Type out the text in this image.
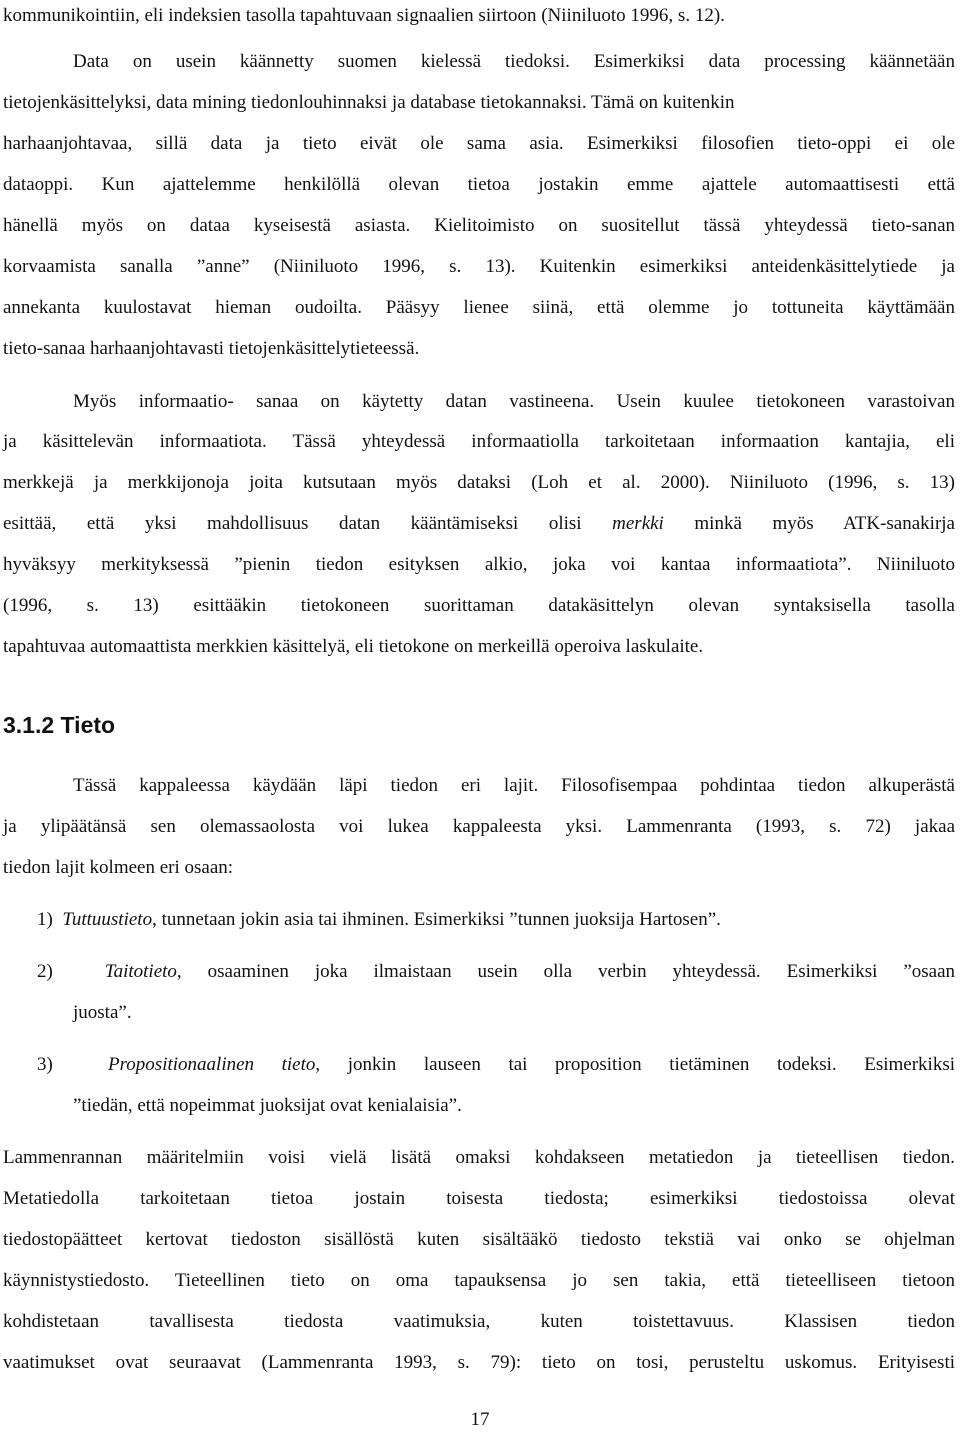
kommunikointiin, eli indeksien tasolla tapahtuvaan signaalien siirtoon (Niiniluoto 1996, s. 12).
Data on usein käännetty suomen kielessä tiedoksi. Esimerkiksi data processing käännetään
tietojenkäsittelyksi, data mining tiedonlouhinnaksi ja database tietokannaksi. Tämä on kuitenkin
harhaanjohtavaa, sillä data ja tieto eivät ole sama asia. Esimerkiksi filosofien tieto-oppi ei ole
dataoppi. Kun ajattelemme henkilöllä olevan tietoa jostakin emme ajattele automaattisesti että
hänellä myös on dataa kyseisestä asiasta. Kielitoimisto on suositellut tässä yhteydessä tieto-sanan
korvaamista sanalla ”anne” (Niiniluoto 1996, s. 13). Kuitenkin esimerkiksi anteidenkäsittelytiede ja
annekanta kuulostavat hieman oudoilta. Pääsyy lienee siinä, että olemme jo tottuneita käyttämään
tieto-sanaa harhaanjohtavasti tietojenkäsittelytieteessä.
Myös informaatio- sanaa on käytetty datan vastineena. Usein kuulee tietokoneen varastoivan
ja käsittelevän informaatiota. Tässä yhteydessä informaatiolla tarkoitetaan informaation kantajia, eli
merkkejä ja merkkijonoja joita kutsutaan myös dataksi (Loh et al. 2000). Niiniluoto (1996, s. 13)
esittää, että yksi mahdollisuus datan kääntämiseksi olisi merkki minkä myös ATK-sanakirja
hyväksyy merkityksessä ”pienin tiedon esityksen alkio, joka voi kantaa informaatiota”. Niiniluoto
(1996, s. 13) esittääkin tietokoneen suorittaman datakäsittelyn olevan syntaksisella tasolla
tapahtuvaa automaattista merkkien käsittelyä, eli tietokone on merkeillä operoiva laskulaite.
Tässä kappaleessa käydään läpi tiedon eri lajit. Filosofisempaa pohdintaa tiedon alkuperästä
ja ylipäätänsä sen olemassaolosta voi lukea kappaleesta yksi. Lammenranta (1993, s. 72) jakaa
tiedon lajit kolmeen eri osaan:
1)  Tuttuustieto, tunnetaan jokin asia tai ihminen. Esimerkiksi ”tunnen juoksija Hartosen”.
2)  Taitotieto, osaaminen joka ilmaistaan usein olla verbin yhteydessä. Esimerkiksi ”osaan
juosta”.
3)  Propositionaalinen tieto, jonkin lauseen tai proposition tietäminen todeksi. Esimerkiksi
”tiedän, että nopeimmat juoksijat ovat kenialaisia”.
Lammenrannan määritelmiin voisi vielä lisätä omaksi kohdakseen metatiedon ja tieteellisen tiedon.
Metatiedolla tarkoitetaan tietoa jostain toisesta tiedosta; esimerkiksi tiedostoissa olevat
tiedostopäätteet kertovat tiedoston sisällöstä kuten sisältääkö tiedosto tekstiä vai onko se ohjelman
käynnistystiedosto. Tieteellinen tieto on oma tapauksensa jo sen takia, että tieteelliseen tietoon
kohdistetaan tavallisesta tiedosta vaatimuksia, kuten toistettavuus. Klassisen tiedon
vaatimukset ovat seuraavat (Lammenranta 1993, s. 79): tieto on tosi, perusteltu uskomus. Erityisesti
3.1.2 Tieto
17
